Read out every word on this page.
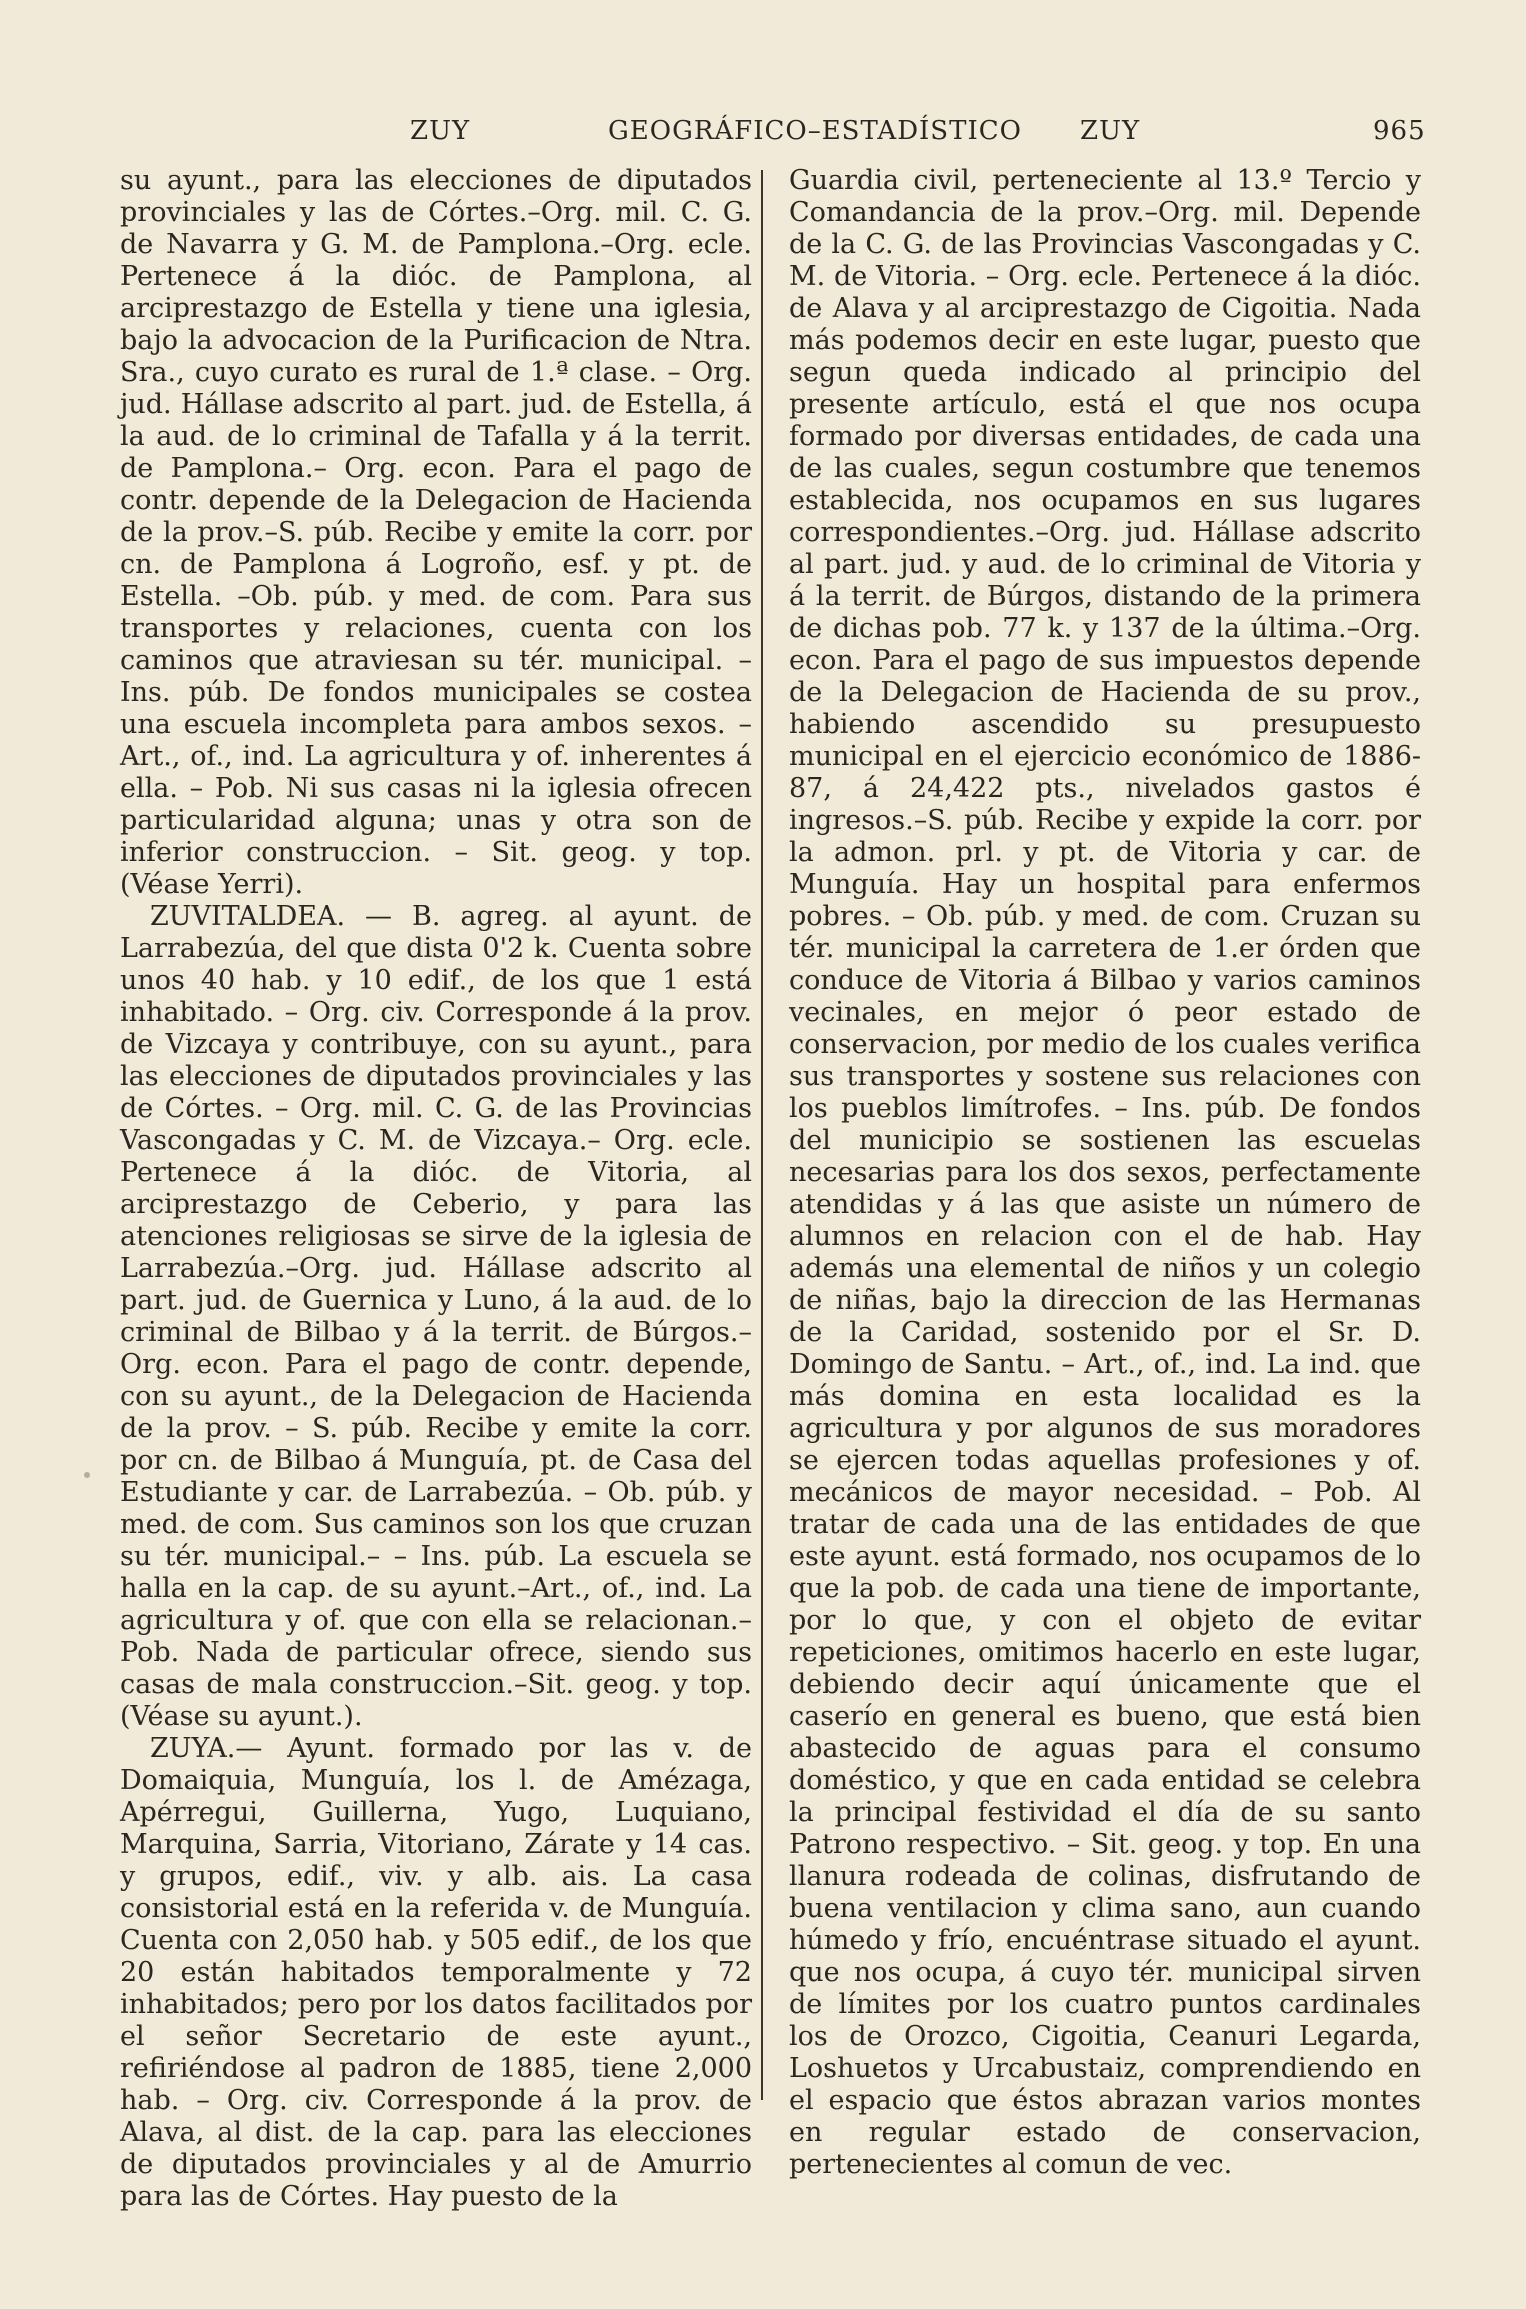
ZUY	GEOGRÁFICO–ESTADÍSTICO ZUY	965

su ayunt., para las elecciones de diputados provinciales y las de Córtes.–Org. mil. C. G. de Navarra y G. M. de Pamplona.–Org. ecle. Pertenece á la dióc. de Pamplona, al arciprestazgo de Estella y tiene una iglesia, bajo la advocacion de la Purificacion de Ntra. Sra., cuyo curato es rural de 1.ª clase. – Org. jud. Hállase adscrito al part. jud. de Estella, á la aud. de lo criminal de Tafalla y á la territ. de Pamplona.– Org. econ. Para el pago de contr. depende de la Delegacion de Hacienda de la prov.–S. púb. Recibe y emite la corr. por cn. de Pamplona á Logroño, esf. y pt. de Estella. –Ob. púb. y med. de com. Para sus transportes y relaciones, cuenta con los caminos que atraviesan su tér. municipal. – Ins. púb. De fondos municipales se costea una escuela incompleta para ambos sexos. – Art., of., ind. La agricultura y of. inherentes á ella. – Pob. Ni sus casas ni la iglesia ofrecen particularidad alguna; unas y otra son de inferior construccion. – Sit. geog. y top. (Véase Yerri).

ZUVITALDEA. — B. agreg. al ayunt. de Larrabezúa, del que dista 0'2 k. Cuenta sobre unos 40 hab. y 10 edif., de los que 1 está inhabitado. – Org. civ. Corresponde á la prov. de Vizcaya y contribuye, con su ayunt., para las elecciones de diputados provinciales y las de Córtes. – Org. mil. C. G. de las Provincias Vascongadas y C. M. de Vizcaya.– Org. ecle. Pertenece á la dióc. de Vitoria, al arciprestazgo de Ceberio, y para las atenciones religiosas se sirve de la iglesia de Larrabezúa.–Org. jud. Hállase adscrito al part. jud. de Guernica y Luno, á la aud. de lo criminal de Bilbao y á la territ. de Búrgos.– Org. econ. Para el pago de contr. depende, con su ayunt., de la Delegacion de Hacienda de la prov. – S. púb. Recibe y emite la corr. por cn. de Bilbao á Munguía, pt. de Casa del Estudiante y car. de Larrabezúa. – Ob. púb. y med. de com. Sus caminos son los que cruzan su tér. municipal.– – Ins. púb. La escuela se halla en la cap. de su ayunt.–Art., of., ind. La agricultura y of. que con ella se relacionan.–Pob. Nada de particular ofrece, siendo sus casas de mala construccion.–Sit. geog. y top. (Véase su ayunt.).

ZUYA.— Ayunt. formado por las v. de Domaiquia, Munguía, los l. de Amézaga, Apérregui, Guillerna, Yugo, Luquiano, Marquina, Sarria, Vitoriano, Zárate y 14 cas. y grupos, edif., viv. y alb. ais. La casa consistorial está en la referida v. de Munguía. Cuenta con 2,050 hab. y 505 edif., de los que 20 están habitados temporalmente y 72 inhabitados; pero por los datos facilitados por el señor Secretario de este ayunt., refiriéndose al padron de 1885, tiene 2,000 hab. – Org. civ. Corresponde á la prov. de Alava, al dist. de la cap. para las elecciones de diputados provinciales y al de Amurrio para las de Córtes. Hay puesto de la

Guardia civil, perteneciente al 13.º Tercio y Comandancia de la prov.–Org. mil. Depende de la C. G. de las Provincias Vascongadas y C. M. de Vitoria. – Org. ecle. Pertenece á la dióc. de Alava y al arciprestazgo de Cigoitia. Nada más podemos decir en este lugar, puesto que segun queda indicado al principio del presente artículo, está el que nos ocupa formado por diversas entidades, de cada una de las cuales, segun costumbre que tenemos establecida, nos ocupamos en sus lugares correspondientes.–Org. jud. Hállase adscrito al part. jud. y aud. de lo criminal de Vitoria y á la territ. de Búrgos, distando de la primera de dichas pob. 77 k. y 137 de la última.–Org. econ. Para el pago de sus impuestos depende de la Delegacion de Hacienda de su prov., habiendo ascendido su presupuesto municipal en el ejercicio económico de 1886-87, á 24,422 pts., nivelados gastos é ingresos.–S. púb. Recibe y expide la corr. por la admon. prl. y pt. de Vitoria y car. de Munguía. Hay un hospital para enfermos pobres. – Ob. púb. y med. de com. Cruzan su tér. municipal la carretera de 1.er órden que conduce de Vitoria á Bilbao y varios caminos vecinales, en mejor ó peor estado de conservacion, por medio de los cuales verifica sus transportes y sostene sus relaciones con los pueblos limítrofes. – Ins. púb. De fondos del municipio se sostienen las escuelas necesarias para los dos sexos, perfectamente atendidas y á las que asiste un número de alumnos en relacion con el de hab. Hay además una elemental de niños y un colegio de niñas, bajo la direccion de las Hermanas de la Caridad, sostenido por el Sr. D. Domingo de Santu. – Art., of., ind. La ind. que más domina en esta localidad es la agricultura y por algunos de sus moradores se ejercen todas aquellas profesiones y of. mecánicos de mayor necesidad. – Pob. Al tratar de cada una de las entidades de que este ayunt. está formado, nos ocupamos de lo que la pob. de cada una tiene de importante, por lo que, y con el objeto de evitar repeticiones, omitimos hacerlo en este lugar, debiendo decir aquí únicamente que el caserío en general es bueno, que está bien abastecido de aguas para el consumo doméstico, y que en cada entidad se celebra la principal festividad el día de su santo Patrono respectivo. – Sit. geog. y top. En una llanura rodeada de colinas, disfrutando de buena ventilacion y clima sano, aun cuando húmedo y frío, encuéntrase situado el ayunt. que nos ocupa, á cuyo tér. municipal sirven de límites por los cuatro puntos cardinales los de Orozco, Cigoitia, Ceanuri Legarda, Loshuetos y Urcabustaiz, comprendiendo en el espacio que éstos abrazan varios montes en regular estado de conservacion, pertenecientes al comun de vec.
